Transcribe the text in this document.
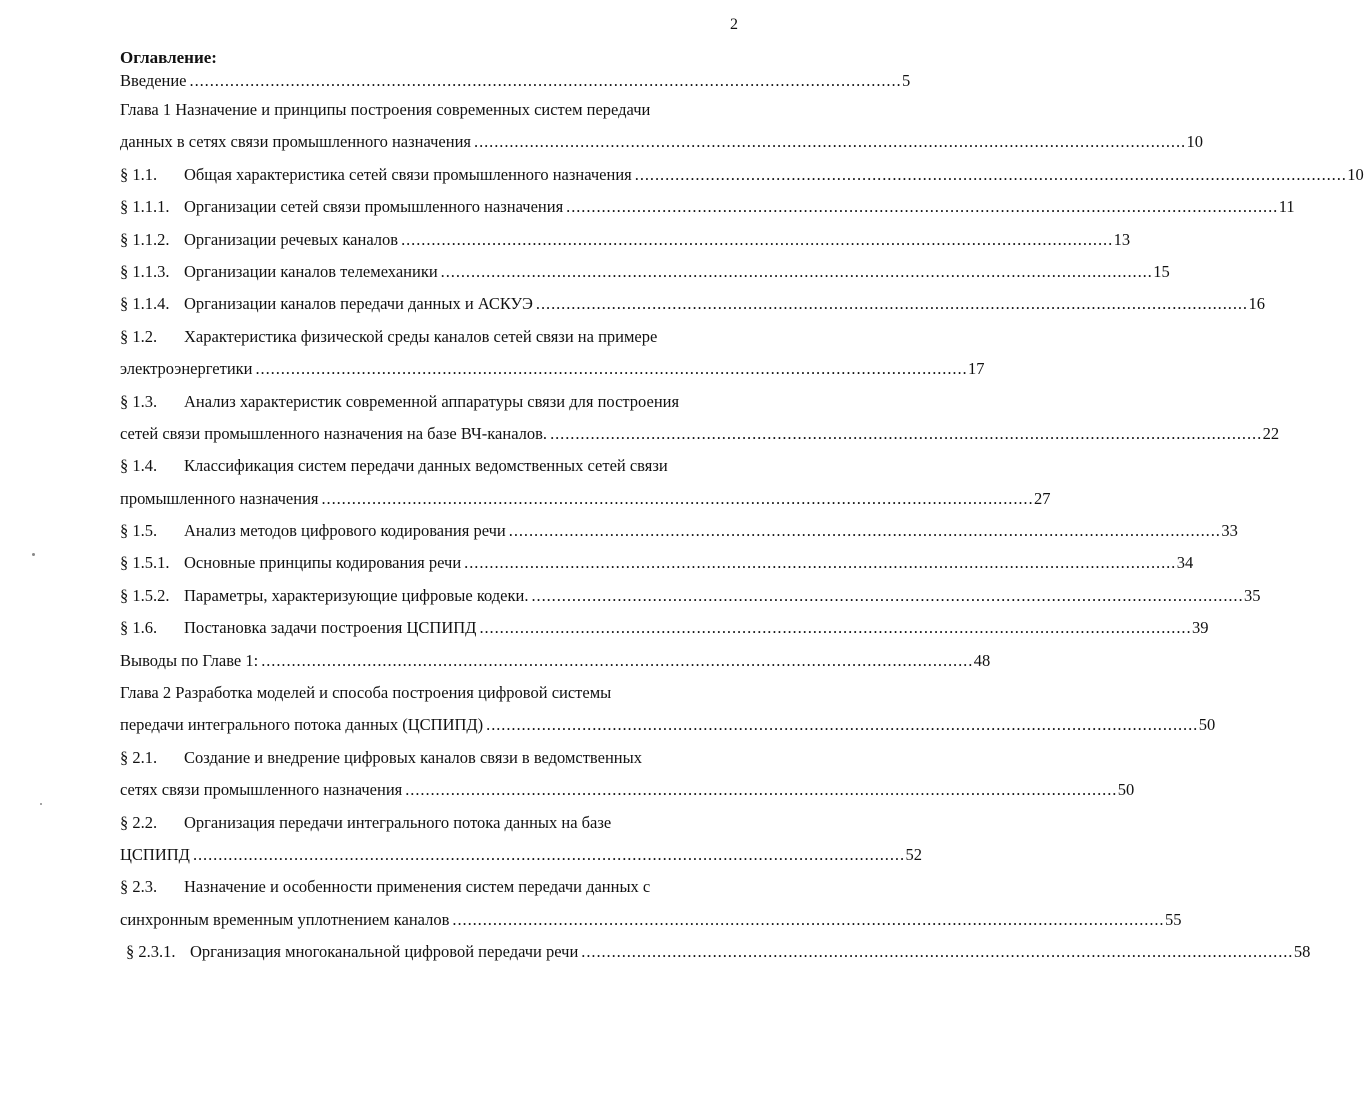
2
Оглавление:
Введение . . .	5
Глава 1 Назначение и принципы построения современных систем передачи
данных в сетях связи промышленного назначения . . .	10
§ 1.1.	Общая характеристика сетей связи промышленного назначения . . .	10
§ 1.1.1. Организации сетей связи промышленного назначения . . .	11
§ 1.1.2. Организации речевых каналов . . .	13
§ 1.1.3. Организации каналов телемеханики . . .	15
§ 1.1.4. Организации каналов передачи данных и АСКУЭ . . .	16
§ 1.2.	Характеристика физической среды каналов сетей связи на примере
электроэнергетики . . .	17
§ 1.3.	Анализ характеристик современной аппаратуры связи для построения
сетей связи промышленного назначения на базе ВЧ-каналов. . . .	22
§ 1.4.	Классификация систем передачи данных ведомственных сетей связи
промышленного назначения . . .	27
§ 1.5.	Анализ методов цифрового кодирования речи . . .	33
§ 1.5.1. Основные принципы кодирования речи . . .	34
§ 1.5.2. Параметры, характеризующие цифровые кодеки. . . .	35
§ 1.6.	Постановка задачи построения ЦСПИПД . . .	39
Выводы по Главе 1: . . .	48
Глава 2 Разработка моделей и способа построения цифровой системы
передачи интегрального потока данных (ЦСПИПД) . . .	50
§ 2.1.	Создание и внедрение цифровых каналов связи в ведомственных
сетях связи промышленного назначения . . .	50
§ 2.2.	Организация передачи интегрального потока данных на базе
ЦСПИПД . . .	52
§ 2.3.	Назначение и особенности применения систем передачи данных с
синхронным временным уплотнением каналов . . .	55
§ 2.3.1. Организация многоканальной цифровой передачи речи . . .	58
